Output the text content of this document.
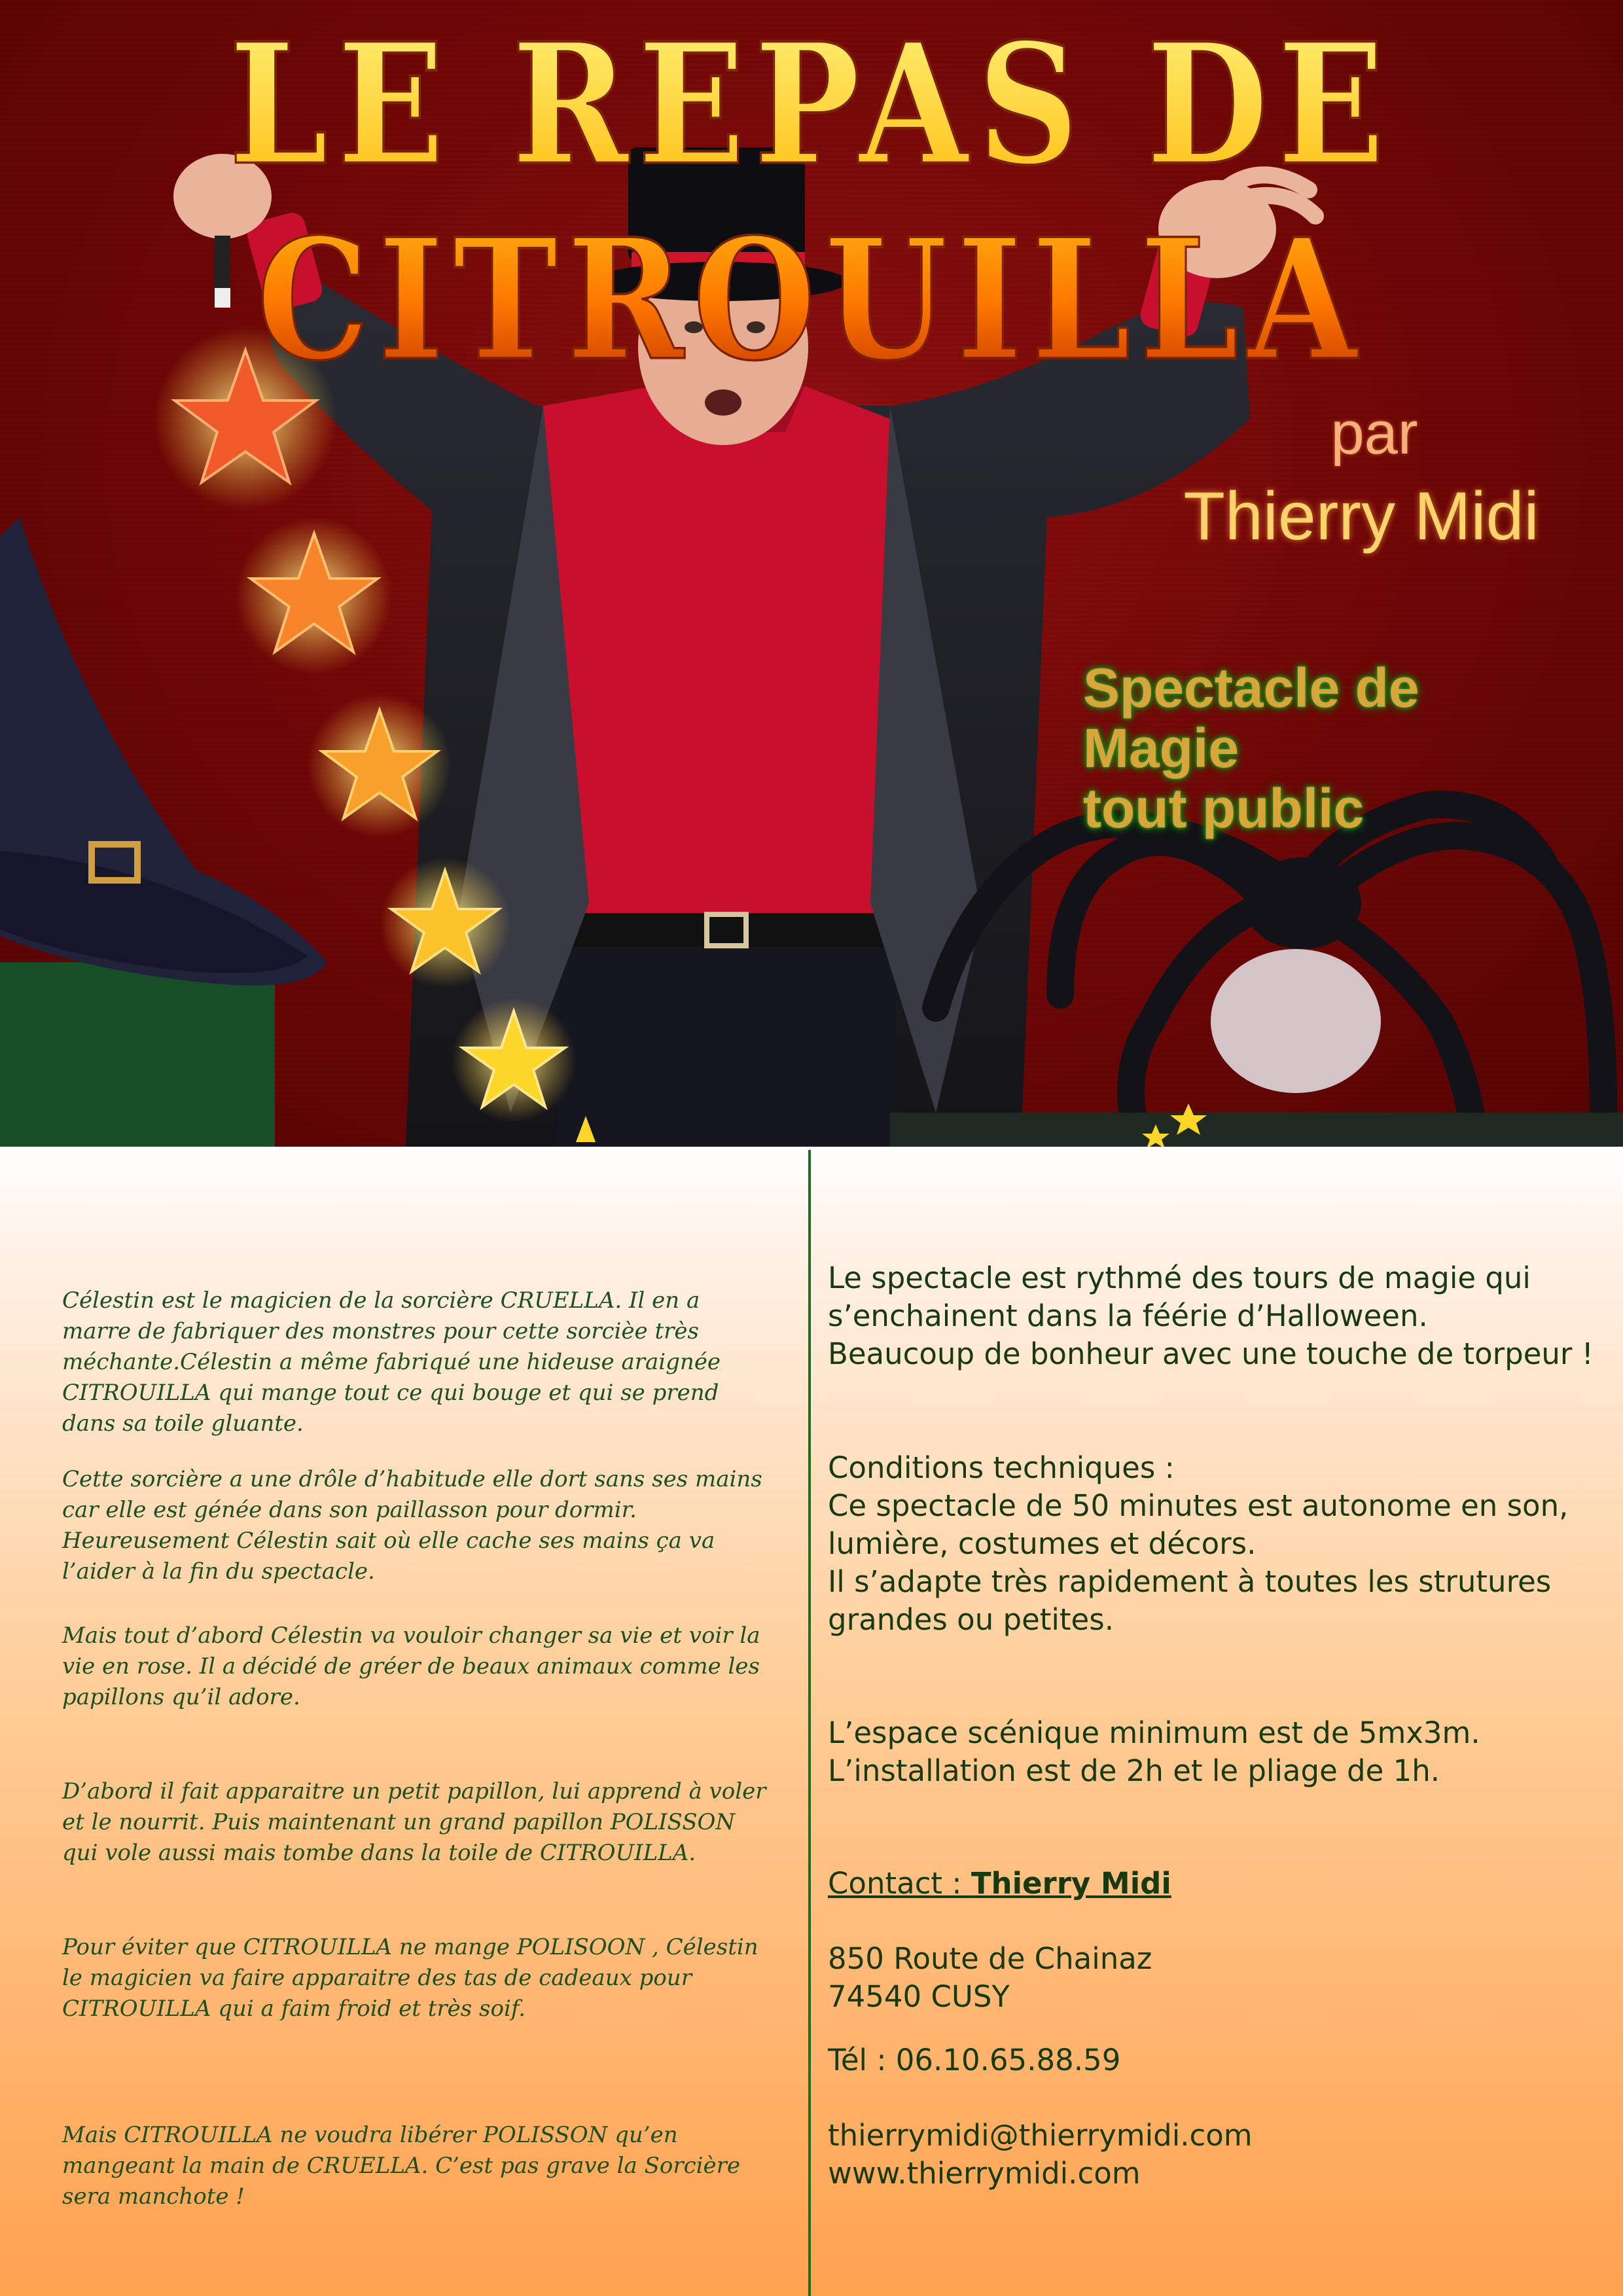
LE REPAS DE CITROUILLA
par
Thierry Midi
Spectacle de Magie
tout public

Célestin est le magicien de la sorcière CRUELLA. Il en a marre de fabriquer des monstres pour cette sorcièe très méchante.Célestin a même fabriqué une hideuse araignée CITROUILLA qui mange tout ce qui bouge et qui se prend dans sa toile gluante.

Cette sorcière a une drôle d’habitude elle dort sans ses mains car elle est génée dans son paillasson pour dormir. Heureusement Célestin sait où elle cache ses mains ça va l’aider à la fin du spectacle.

Mais tout d’abord Célestin va vouloir changer sa vie et voir la vie en rose. Il a décidé de gréer de beaux animaux comme les papillons qu’il adore.

D’abord il fait apparaitre un petit papillon, lui apprend à voler et le nourrit. Puis maintenant un grand papillon POLISSON qui vole aussi mais tombe dans la toile de CITROUILLA.

Pour éviter que CITROUILLA ne mange POLISOON , Célestin le magicien va faire apparaitre des tas de cadeaux pour CITROUILLA qui a faim froid et très soif.

Mais CITROUILLA ne voudra libérer POLISSON qu’en mangeant la main de CRUELLA. C’est pas grave la Sorcière sera manchote !

Le spectacle est rythmé des tours de magie qui
s’enchainent dans la féérie d’Halloween.
Beaucoup de bonheur avec une touche de torpeur !
Conditions techniques :
Ce spectacle de 50 minutes est autonome en son,
lumière, costumes et décors.
Il s’adapte très rapidement à toutes les strutures
grandes ou petites.
L’espace scénique minimum est de 5mx3m.
L’installation est de 2h et le pliage de 1h.
Contact : Thierry Midi
850 Route de Chainaz
74540 CUSY
Tél : 06.10.65.88.59
thierrymidi@thierrymidi.com
www.thierrymidi.com
